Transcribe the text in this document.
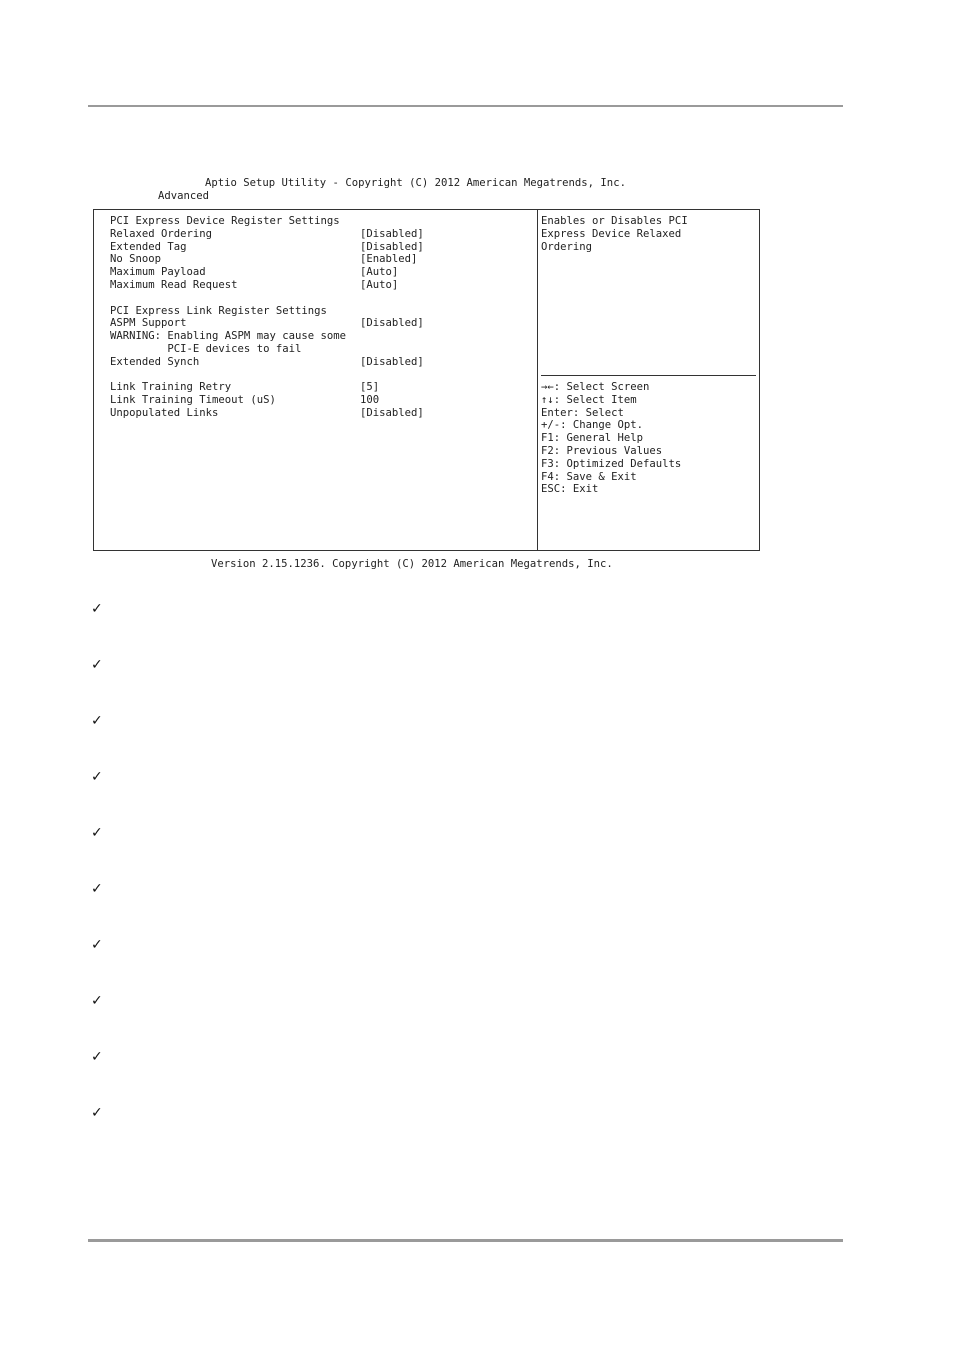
Aptio Setup Utility - Copyright (C) 2012 American Megatrends, Inc.
Advanced
PCI Express Device Register Settings
Relaxed Ordering	[Disabled]
Extended Tag	[Disabled]
No Snoop	[Enabled]
Maximum Payload	[Auto]
Maximum Read Request	[Auto]
PCI Express Link Register Settings
ASPM Support	[Disabled]
WARNING: Enabling ASPM may cause some
PCI-E devices to fail
Extended Synch	[Disabled]
Link Training Retry	[5]
Link Training Timeout (uS)	100
Unpopulated Links	[Disabled]
Enables or Disables PCI
Express Device Relaxed
Ordering
→←: Select Screen
↑↓: Select Item
Enter: Select
+/-: Change Opt.
F1: General Help
F2: Previous Values
F3: Optimized Defaults
F4: Save & Exit
ESC: Exit
Version 2.15.1236. Copyright (C) 2012 American Megatrends, Inc.
✓
✓
✓
✓
✓
✓
✓
✓
✓
✓
